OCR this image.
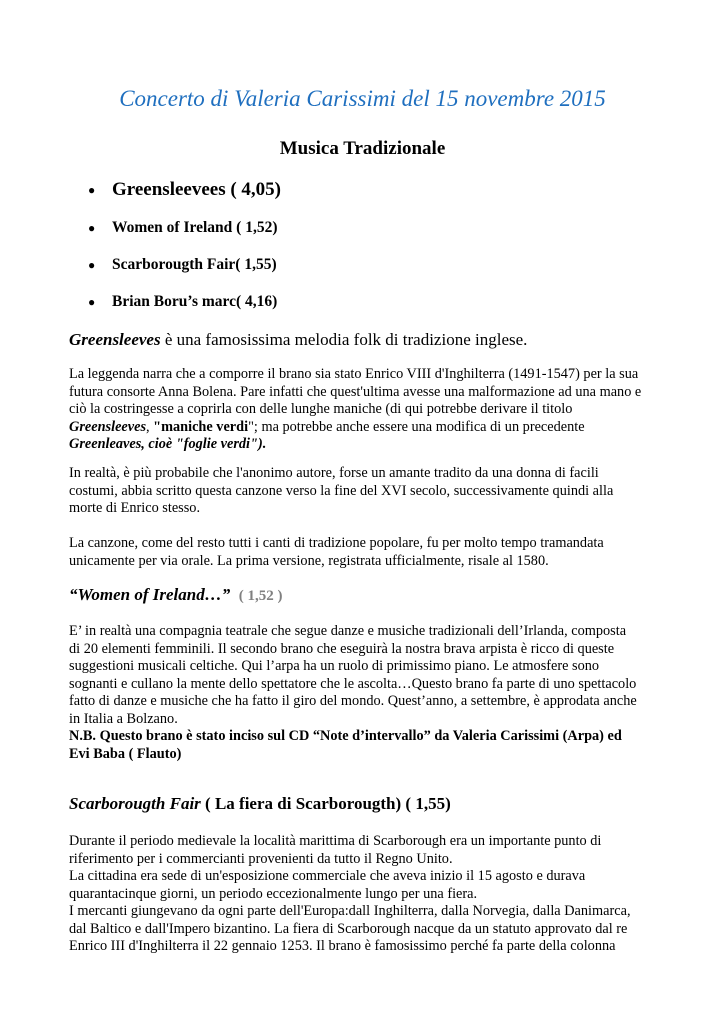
Concerto di Valeria Carissimi del 15 novembre 2015
Musica Tradizionale
● Greensleevees ( 4,05)
● Women of Ireland ( 1,52)
● Scarborougth Fair( 1,55)
● Brian Boru’s marc( 4,16)
Greensleeves è una famosissima melodia folk di tradizione inglese.

La leggenda narra che a comporre il brano sia stato Enrico VIII d'Inghilterra (1491-1547) per la sua
futura consorte Anna Bolena. Pare infatti che quest'ultima avesse una malformazione ad una mano e
ciò la costringesse a coprirla con delle lunghe maniche (di qui potrebbe derivare il titolo
Greensleeves, "maniche verdi"; ma potrebbe anche essere una modifica di un precedente
Greenleaves, cioè "foglie verdi").

In realtà, è più probabile che l'anonimo autore, forse un amante tradito da una donna di facili
costumi, abbia scritto questa canzone verso la fine del XVI secolo, successivamente quindi alla
morte di Enrico stesso.

La canzone, come del resto tutti i canti di tradizione popolare, fu per molto tempo tramandata
unicamente per via orale. La prima versione, registrata ufficialmente, risale al 1580.

“Women of Ireland…” ( 1,52 )

E’ in realtà una compagnia teatrale che segue danze e musiche tradizionali dell’Irlanda, composta
di 20 elementi femminili. Il secondo brano che eseguirà la nostra brava arpista è ricco di queste
suggestioni musicali celtiche. Qui l’arpa ha un ruolo di primissimo piano. Le atmosfere sono
sognanti e cullano la mente dello spettatore che le ascolta…Questo brano fa parte di uno spettacolo
fatto di danze e musiche che ha fatto il giro del mondo. Quest’anno, a settembre, è approdata anche
in Italia a Bolzano.
N.B. Questo brano è stato inciso sul CD “Note d’intervallo” da Valeria Carissimi (Arpa) ed
Evi Baba ( Flauto)

Scarborougth Fair ( La fiera di Scarborougth) ( 1,55)

Durante il periodo medievale la località marittima di Scarborough era un importante punto di
riferimento per i commercianti provenienti da tutto il Regno Unito.
La cittadina era sede di un'esposizione commerciale che aveva inizio il 15 agosto e durava
quarantacinque giorni, un periodo eccezionalmente lungo per una fiera.
I mercanti giungevano da ogni parte dell'Europa:dall Inghilterra, dalla Norvegia, dalla Danimarca,
dal Baltico e dall'Impero bizantino. La fiera di Scarborough nacque da un statuto approvato dal re
Enrico III d'Inghilterra il 22 gennaio 1253. Il brano è famosissimo perché fa parte della colonna
